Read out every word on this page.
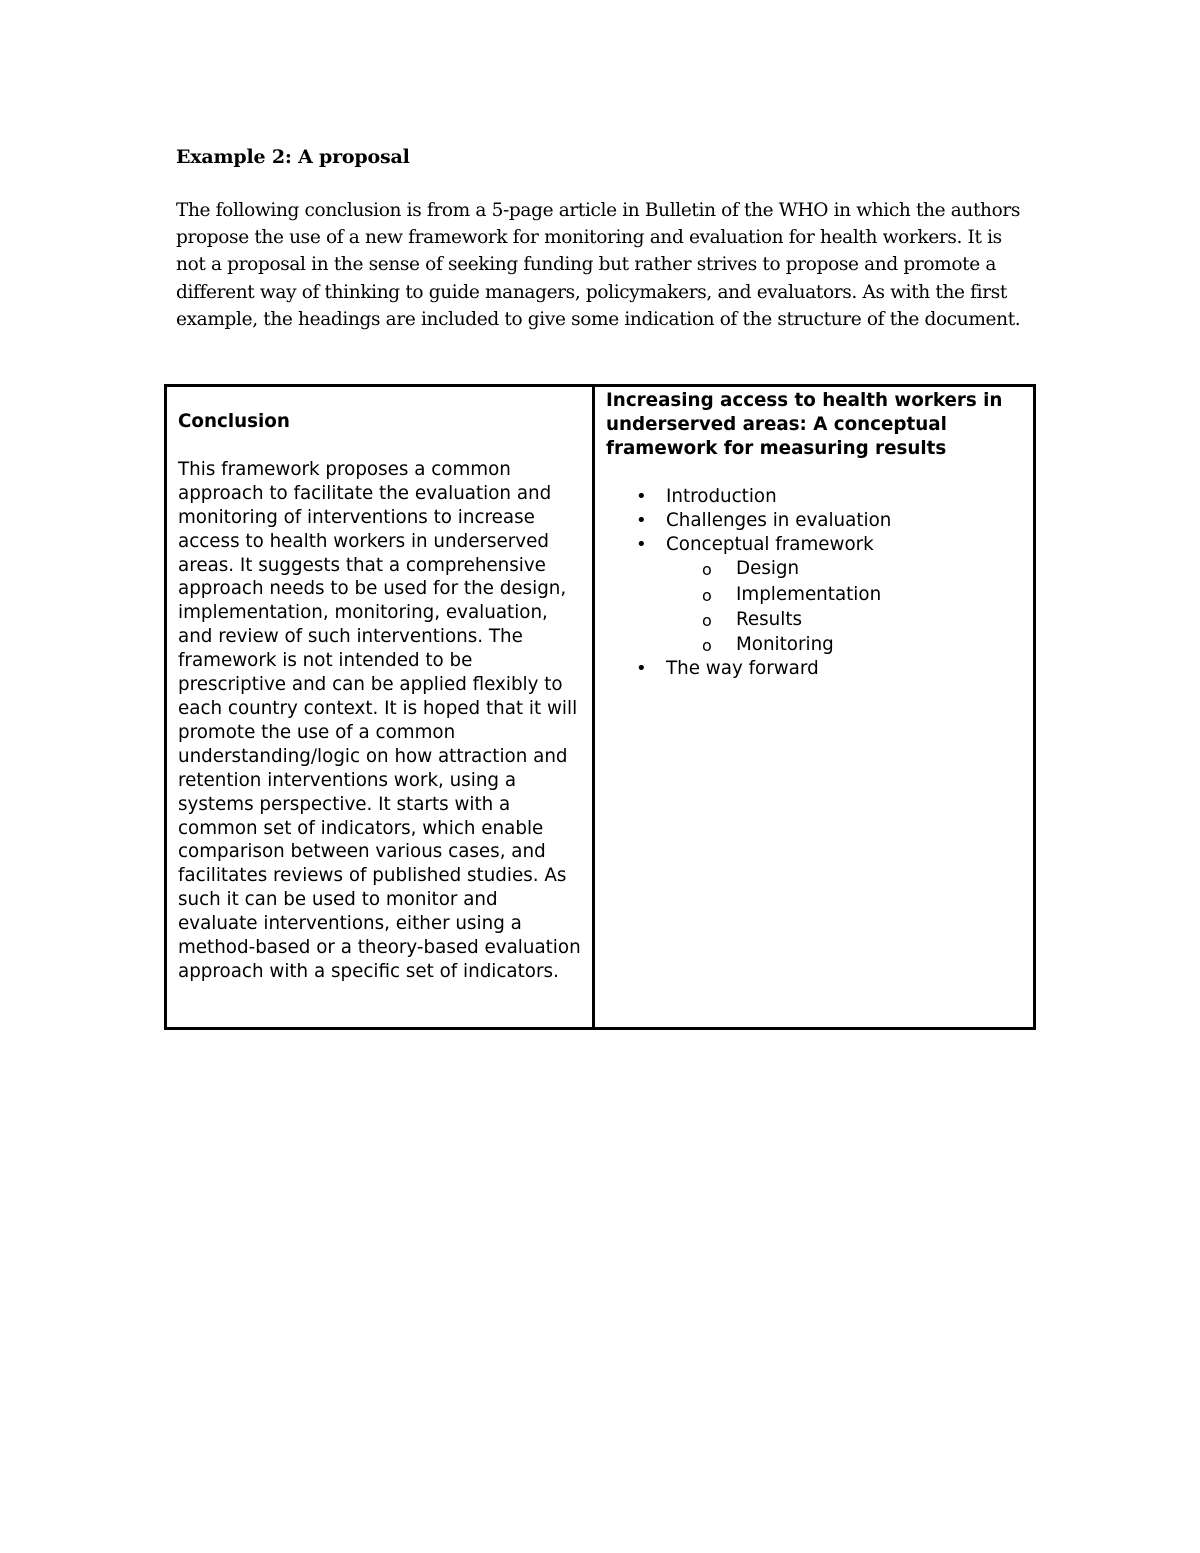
Example 2: A proposal

The following conclusion is from a 5-page article in Bulletin of the WHO in which the authors propose the use of a new framework for monitoring and evaluation for health workers. It is not a proposal in the sense of seeking funding but rather strives to propose and promote a different way of thinking to guide managers, policymakers, and evaluators. As with the first example, the headings are included to give some indication of the structure of the document.

Conclusion

This framework proposes a common approach to facilitate the evaluation and monitoring of interventions to increase access to health workers in underserved areas. It suggests that a comprehensive approach needs to be used for the design, implementation, monitoring, evaluation, and review of such interventions. The framework is not intended to be prescriptive and can be applied flexibly to each country context. It is hoped that it will promote the use of a common understanding/logic on how attraction and retention interventions work, using a systems perspective. It starts with a common set of indicators, which enable comparison between various cases, and facilitates reviews of published studies. As such it can be used to monitor and evaluate interventions, either using a method-based or a theory-based evaluation approach with a specific set of indicators.

Increasing access to health workers in underserved areas: A conceptual framework for measuring results
•	Introduction
•	Challenges in evaluation
•	Conceptual framework
o Design
o Implementation
o Results
o Monitoring
•	The way forward
